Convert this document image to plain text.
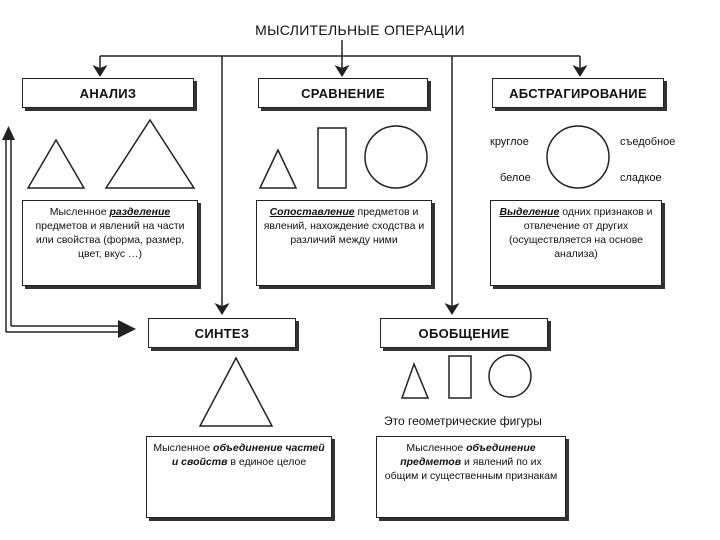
МЫСЛИТЕЛЬНЫЕ ОПЕРАЦИИ
АНАЛИЗ	СРАВНЕНИЕ	АБСТРАГИРОВАНИЕ
СИНТЕЗ	ОБОБЩЕНИЕ
круглое	съедобное
белое	сладкое
Это геометрические фигуры
Мысленное разделение предметов и явлений на части или свойства (форма, размер, цвет, вкус …)
Сопоставление предметов и явлений, нахождение сходства и различий между ними
Выделение одних признаков и отвлечение от других (осуществляется на основе анализа)
Мысленное объединение частей и свойств в единое целое
Мысленное объединение предметов и явлений по их общим и существенным признакам
